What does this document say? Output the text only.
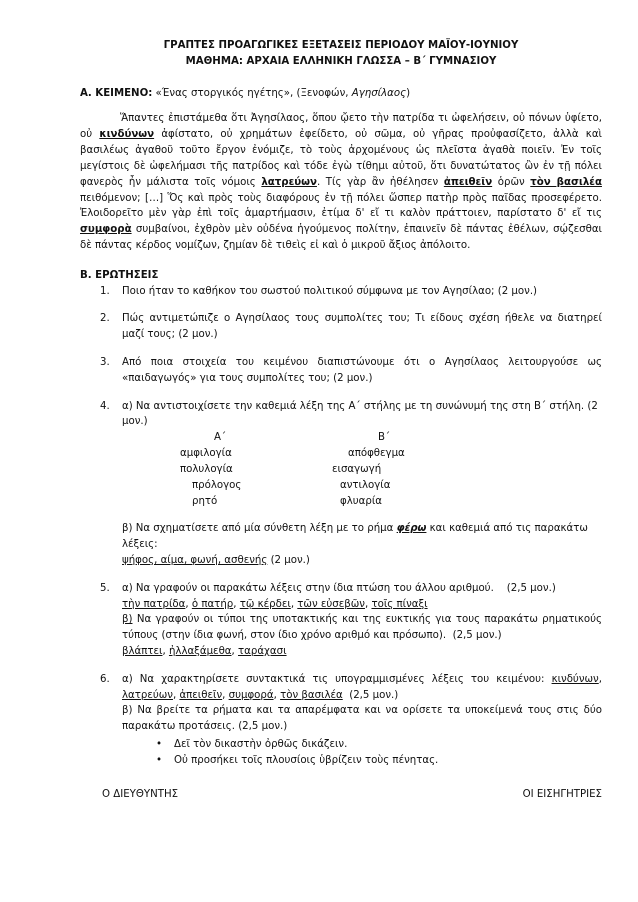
ΓΡΑΠΤΕΣ ΠΡΟΑΓΩΓΙΚΕΣ ΕΞΕΤΑΣΕΙΣ ΠΕΡΙΟΔΟΥ ΜΑΪΟΥ-ΙΟΥΝΙΟΥ
ΜΑΘΗΜΑ: ΑΡΧΑΙΑ ΕΛΛΗΝΙΚΗ ΓΛΩΣΣΑ – Β΄ ΓΥΜΝΑΣΙΟΥ

Α. ΚΕΙΜΕΝΟ: «Ένας στοργικός ηγέτης», (Ξενοφών, Αγησίλαος)

Ἅπαντες ἐπιστάμεθα ὅτι Ἀγησίλαος, ὅπου ᾤετο τὴν πατρίδα τι ὠφελήσειν, οὐ πόνων ὑφίετο, οὐ κινδύνων ἀφίστατο, οὐ χρημάτων ἐφείδετο, οὐ σῶμα, οὐ γῆρας προὐφασίζετο, ἀλλὰ καὶ βασιλέως ἀγαθοῦ τοῦτο ἔργον ἐνόμιζε, τὸ τοὺς ἀρχομένους ὡς πλεῖστα ἀγαθὰ ποιεῖν. Ἐν τοῖς μεγίστοις δὲ ὠφελήμασι τῆς πατρίδος καὶ τόδε ἐγὼ τίθημι αὐτοῦ, ὅτι δυνατώτατος ὢν ἐν τῇ πόλει φανερὸς ἦν μάλιστα τοῖς νόμοις λατρεύων. Τίς γὰρ ἂν ἠθέλησεν ἀπειθεῖν ὁρῶν τὸν βασιλέα πειθόμενον; […] Ὅς καὶ πρὸς τοὺς διαφόρους ἐν τῇ πόλει ὥσπερ πατὴρ πρὸς παῖδας προσεφέρετο. Ἐλοιδορεῖτο μὲν γὰρ ἐπὶ τοῖς ἁμαρτήμασιν, ἐτίμα δ' εἴ τι καλὸν πράττοιεν, παρίστατο δ' εἴ τις συμφορὰ συμβαίνοι, ἐχθρὸν μὲν οὐδένα ἡγούμενος πολίτην, ἐπαινεῖν δὲ πάντας ἐθέλων, σῴζεσθαι δὲ πάντας κέρδος νομίζων, ζημίαν δὲ τιθεὶς εἰ καὶ ὁ μικροῦ ἄξιος ἀπόλοιτο.

Β. ΕΡΩΤΗΣΕΙΣ

1.	Ποιο ήταν το καθήκον του σωστού πολιτικού σύμφωνα με τον Αγησίλαο; (2 μον.)
2.	Πώς αντιμετώπιζε ο Αγησίλαος τους συμπολίτες του; Τι είδους σχέση ήθελε να διατηρεί μαζί τους; (2 μον.)
3.	Από ποια στοιχεία του κειμένου διαπιστώνουμε ότι ο Αγησίλαος λειτουργούσε ως «παιδαγωγός» για τους συμπολίτες του; (2 μον.)
4.	α) Να αντιστοιχίσετε την καθεμιά λέξη της Α΄ στήλης με τη συνώνυμή της στη Β΄ στήλη. (2 μον.)
Α΄	Β΄
αμφιλογία	απόφθεγμα
πολυλογία	εισαγωγή
πρόλογος	αντιλογία
ρητό	φλυαρία
β) Να σχηματίσετε από μία σύνθετη λέξη με το ρήμα φέρω και καθεμιά από τις παρακάτω λέξεις:
ψήφος, αίμα, φωνή, ασθενής (2 μον.)
5.	α) Να γραφούν οι παρακάτω λέξεις στην ίδια πτώση του άλλου αριθμού.    (2,5 μον.)
τὴν πατρίδα, ὁ πατήρ, τῷ κέρδει, τῶν εὐσεβῶν, τοῖς πίναξι
β) Να γραφούν οι τύποι της υποτακτικής και της ευκτικής για τους παρακάτω ρηματικούς τύπους (στην ίδια φωνή, στον ίδιο χρόνο αριθμό και πρόσωπο).  (2,5 μον.)
βλάπτει, ἠλλαξάμεθα, ταράχασι
6.	α) Να χαρακτηρίσετε συντακτικά τις υπογραμμισμένες λέξεις του κειμένου: κινδύνων, λατρεύων, ἀπειθεῖν, συμφορά, τὸν βασιλέα  (2,5 μον.)
β) Να βρείτε τα ρήματα και τα απαρέμφατα και να ορίσετε τα υποκείμενά τους στις δύο παρακάτω προτάσεις. (2,5 μον.)
• Δεῖ τὸν δικαστὴν ὀρθῶς δικάζειν.
• Οὐ προσήκει τοῖς πλουσίοις ὑβρίζειν τοὺς πένητας.
Ο ΔΙΕΥΘΥΝΤΗΣ	ΟΙ ΕΙΣΗΓΗΤΡΙΕΣ
